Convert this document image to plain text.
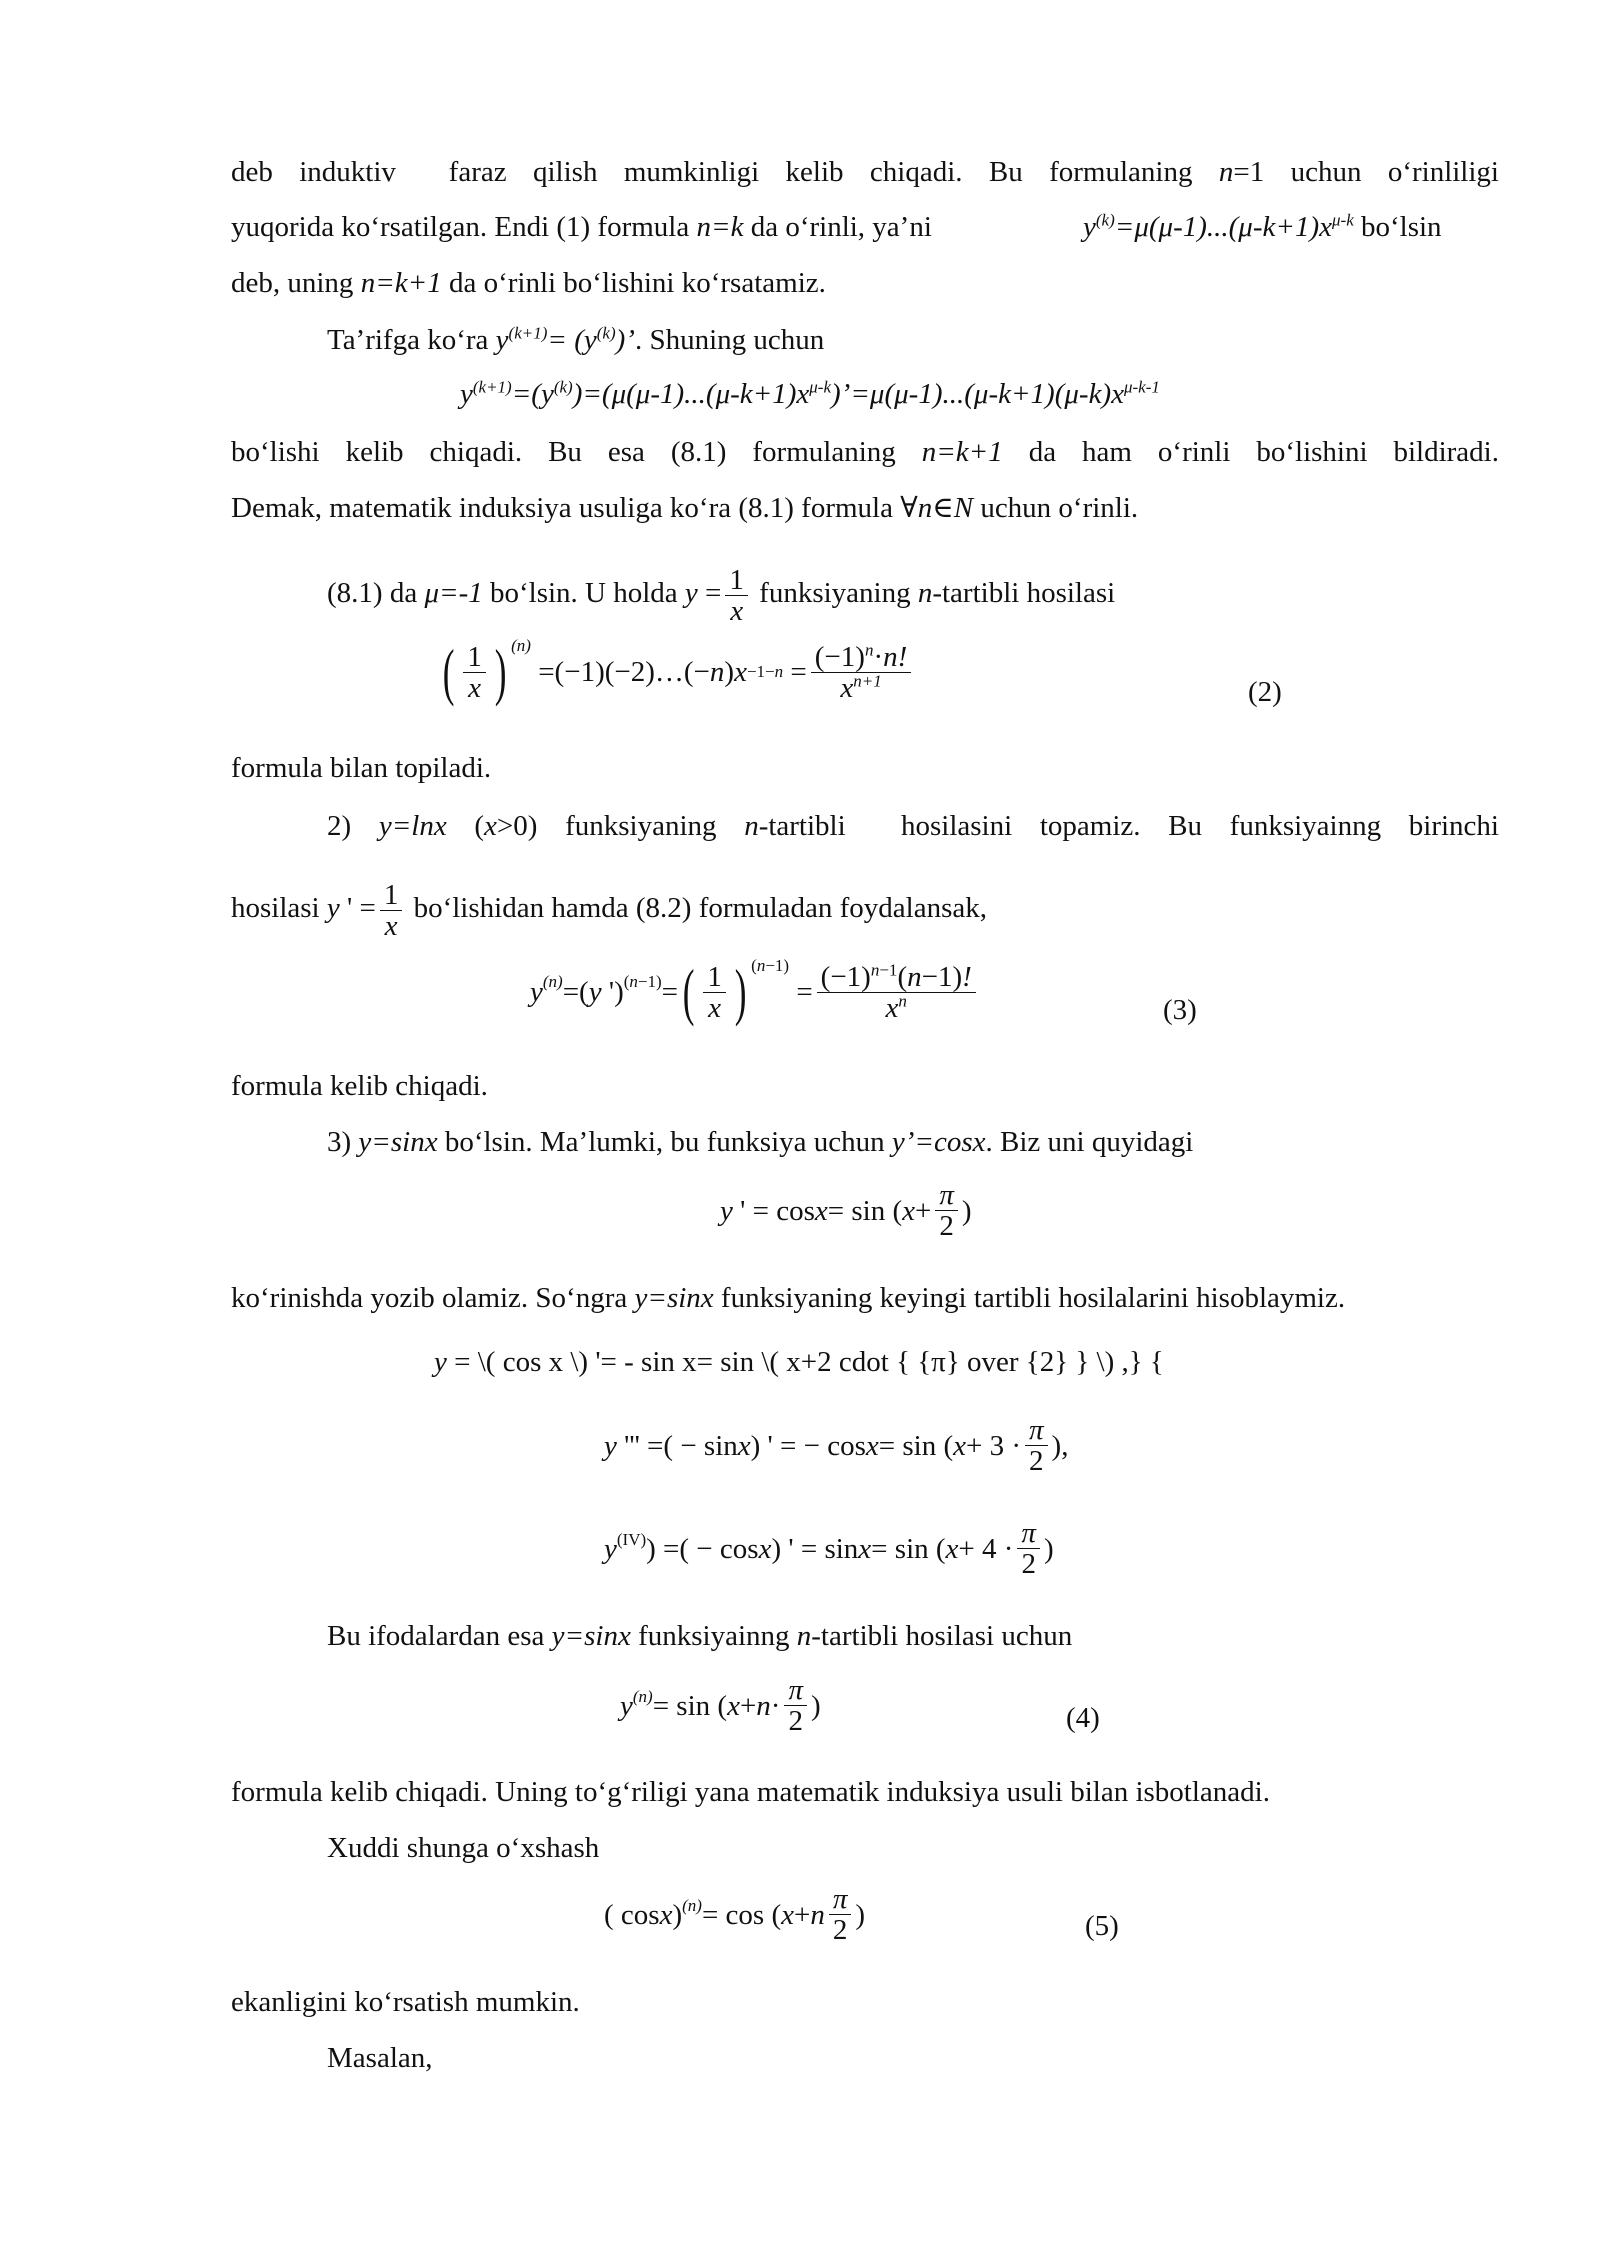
deb induktiv  faraz qilish mumkinligi kelib chiqadi. Bu formulaning n=1 uchun o‘rinliligi

yuqorida ko‘rsatilgan. Endi (1) formula n=k da o‘rinli, ya’ni	$y^{(k)}=\mu(\mu-1)...(\mu-k+1)x^{\mu-k}$ bo‘lsin

deb, uning n=k+1 da o‘rinli bo‘lishini ko‘rsatamiz.

Ta’rifga ko‘ra $y^{(k+1)}= (y^{(k)})$’. Shuning uchun

$y^{(k+1)}=(y^{(k)})=(\mu(\mu-1)...(\mu-k+1)x^{\mu-k})’=\mu(\mu-1)...(\mu-k+1)(\mu-k)x^{\mu-k-1}$

bo‘lishi kelib chiqadi. Bu esa (8.1) formulaning n=k+1 da ham o‘rinli bo‘lishini bildiradi.

Demak, matematik induksiya usuliga ko‘ra (8.1) formula ∀n∈N uchun o‘rinli.

(8.1) da μ=-1 bo‘lsin. U holda $y = \frac{1}{x}$ funksiyaning n-tartibli hosilasi

( $\frac{1}{x}$ ) (n)
=(−1)(−2)…(− n ) $x -1-n = \frac{(-1)^n\cdot n!}{x^{n+1}}$	(2)

formula bilan topiladi.

2) y=lnx (x>0) funksiyaning n-tartibli  hosilasini topamiz. Bu funksiyainng birinchi

hosilasi y ' = $\frac{1}{x}$ bo‘lishidan hamda (8.2) formuladan foydalansak,

y (n) =( y ') (n−1) = ( $\frac{1}{x}$ ) (n−1)
= $\frac{(-1)^{n-1}(n-1)!}{x^n}$	(3)

formula kelib chiqadi.

3) y=sinx bo‘lsin. Ma’lumki, bu funksiya uchun y’=cosx. Biz uni quyidagi

y ' = cos x = sin ( $x + \frac{\pi}{2}$ )

ko‘rinishda yozib olamiz. So‘ngra y=sinx funksiyaning keyingi tartibli hosilalarini hisoblaymiz.

y = \( cos x \) '= - sin x= sin \( x+2 cdot { {π} over {2} } \) ,} {

y ''' =( − sin x ) ' = − cos x = sin ( $x + 3 \cdot \frac{\pi}{2}$ ),
y (IV) ) =( − cos x ) ' = sin x = sin ( $x + 4 \cdot \frac{\pi}{2}$ )

Bu ifodalardan esa y=sinx funksiyainng n-tartibli hosilasi uchun

y (n) = sin ( $x + n \cdot \frac{\pi}{2}$ )	(4)

formula kelib chiqadi. Uning to‘g‘riligi yana matematik induksiya usuli bilan isbotlanadi.

Xuddi shunga o‘xshash

( cos x ) (n) = cos ( x + n $\frac{\pi}{2}$ )	(5)

ekanligini ko‘rsatish mumkin.

Masalan,
